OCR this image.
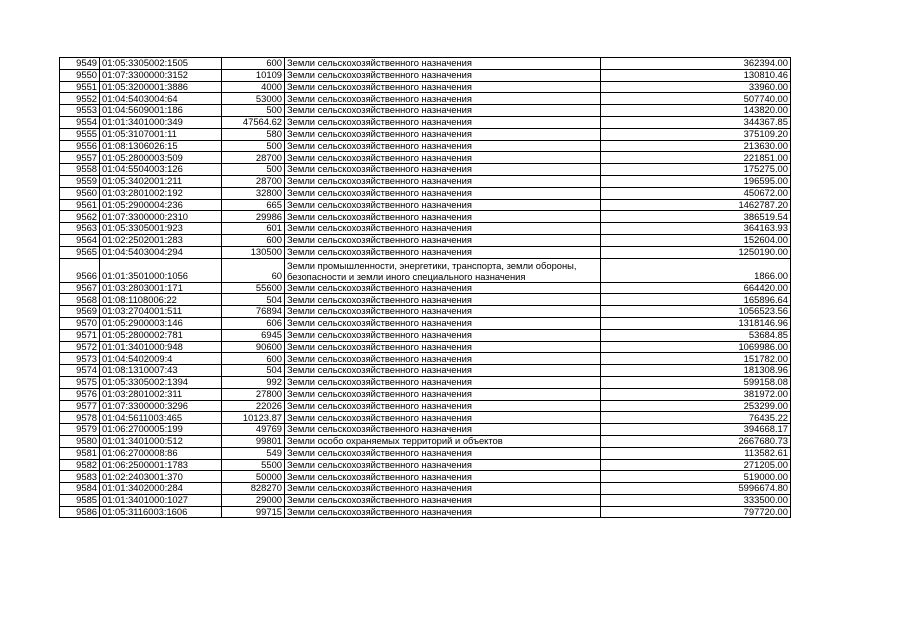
9549	01:05:3305002:1505	600	Земли сельскохозяйственного назначения	362394.00
9550	01:07:3300000:3152	10109	Земли сельскохозяйственного назначения	130810.46
9551	01:05:3200001:3886	4000	Земли сельскохозяйственного назначения	33960.00
9552	01:04:5403004:64	53000	Земли сельскохозяйственного назначения	507740.00
9553	01:04:5609001:186	500	Земли сельскохозяйственного назначения	143820.00
9554	01:01:3401000:349	47564.62	Земли сельскохозяйственного назначения	344367.85
9555	01:05:3107001:11	580	Земли сельскохозяйственного назначения	375109.20
9556	01:08:1306026:15	500	Земли сельскохозяйственного назначения	213630.00
9557	01:05:2800003:509	28700	Земли сельскохозяйственного назначения	221851.00
9558	01:04:5504003:126	500	Земли сельскохозяйственного назначения	175275.00
9559	01:05:3402001:211	28700	Земли сельскохозяйственного назначения	196595.00
9560	01:03:2801002:192	32800	Земли сельскохозяйственного назначения	450672.00
9561	01:05:2900004:236	665	Земли сельскохозяйственного назначения	1462787.20
9562	01:07:3300000:2310	29986	Земли сельскохозяйственного назначения	386519.54
9563	01:05:3305001:923	601	Земли сельскохозяйственного назначения	364163.93
9564	01:02:2502001:283	600	Земли сельскохозяйственного назначения	152604.00
9565	01:04:5403004:294	130500	Земли сельскохозяйственного назначения	1250190.00
9566	01:01:3501000:1056	60	Земли промышленности, энергетики, транспорта, земли обороны, безопасности и земли иного специального назначения	1866.00
9567	01:03:2803001:171	55600	Земли сельскохозяйственного назначения	664420.00
9568	01:08:1108006:22	504	Земли сельскохозяйственного назначения	165896.64
9569	01:03:2704001:511	76894	Земли сельскохозяйственного назначения	1056523.56
9570	01:05:2900003:146	606	Земли сельскохозяйственного назначения	1318146.96
9571	01:05:2800002:781	6945	Земли сельскохозяйственного назначения	53684.85
9572	01:01:3401000:948	90600	Земли сельскохозяйственного назначения	1069986.00
9573	01:04:5402009:4	600	Земли сельскохозяйственного назначения	151782.00
9574	01:08:1310007:43	504	Земли сельскохозяйственного назначения	181308.96
9575	01:05:3305002:1394	992	Земли сельскохозяйственного назначения	599158.08
9576	01:03:2801002:311	27800	Земли сельскохозяйственного назначения	381972.00
9577	01:07:3300000:3296	22026	Земли сельскохозяйственного назначения	253299.00
9578	01:04:5611003:465	10123.87	Земли сельскохозяйственного назначения	76435.22
9579	01:06:2700005:199	49769	Земли сельскохозяйственного назначения	394668.17
9580	01:01:3401000:512	99801	Земли особо охраняемых территорий и объектов	2667680.73
9581	01:06:2700008:86	549	Земли сельскохозяйственного назначения	113582.61
9582	01:06:2500001:1783	5500	Земли сельскохозяйственного назначения	271205.00
9583	01:02:2403001:370	50000	Земли сельскохозяйственного назначения	519000.00
9584	01:01:3402000:284	828270	Земли сельскохозяйственного назначения	5996674.80
9585	01:01:3401000:1027	29000	Земли сельскохозяйственного назначения	333500.00
9586	01:05:3116003:1606	99715	Земли сельскохозяйственного назначения	797720.00
